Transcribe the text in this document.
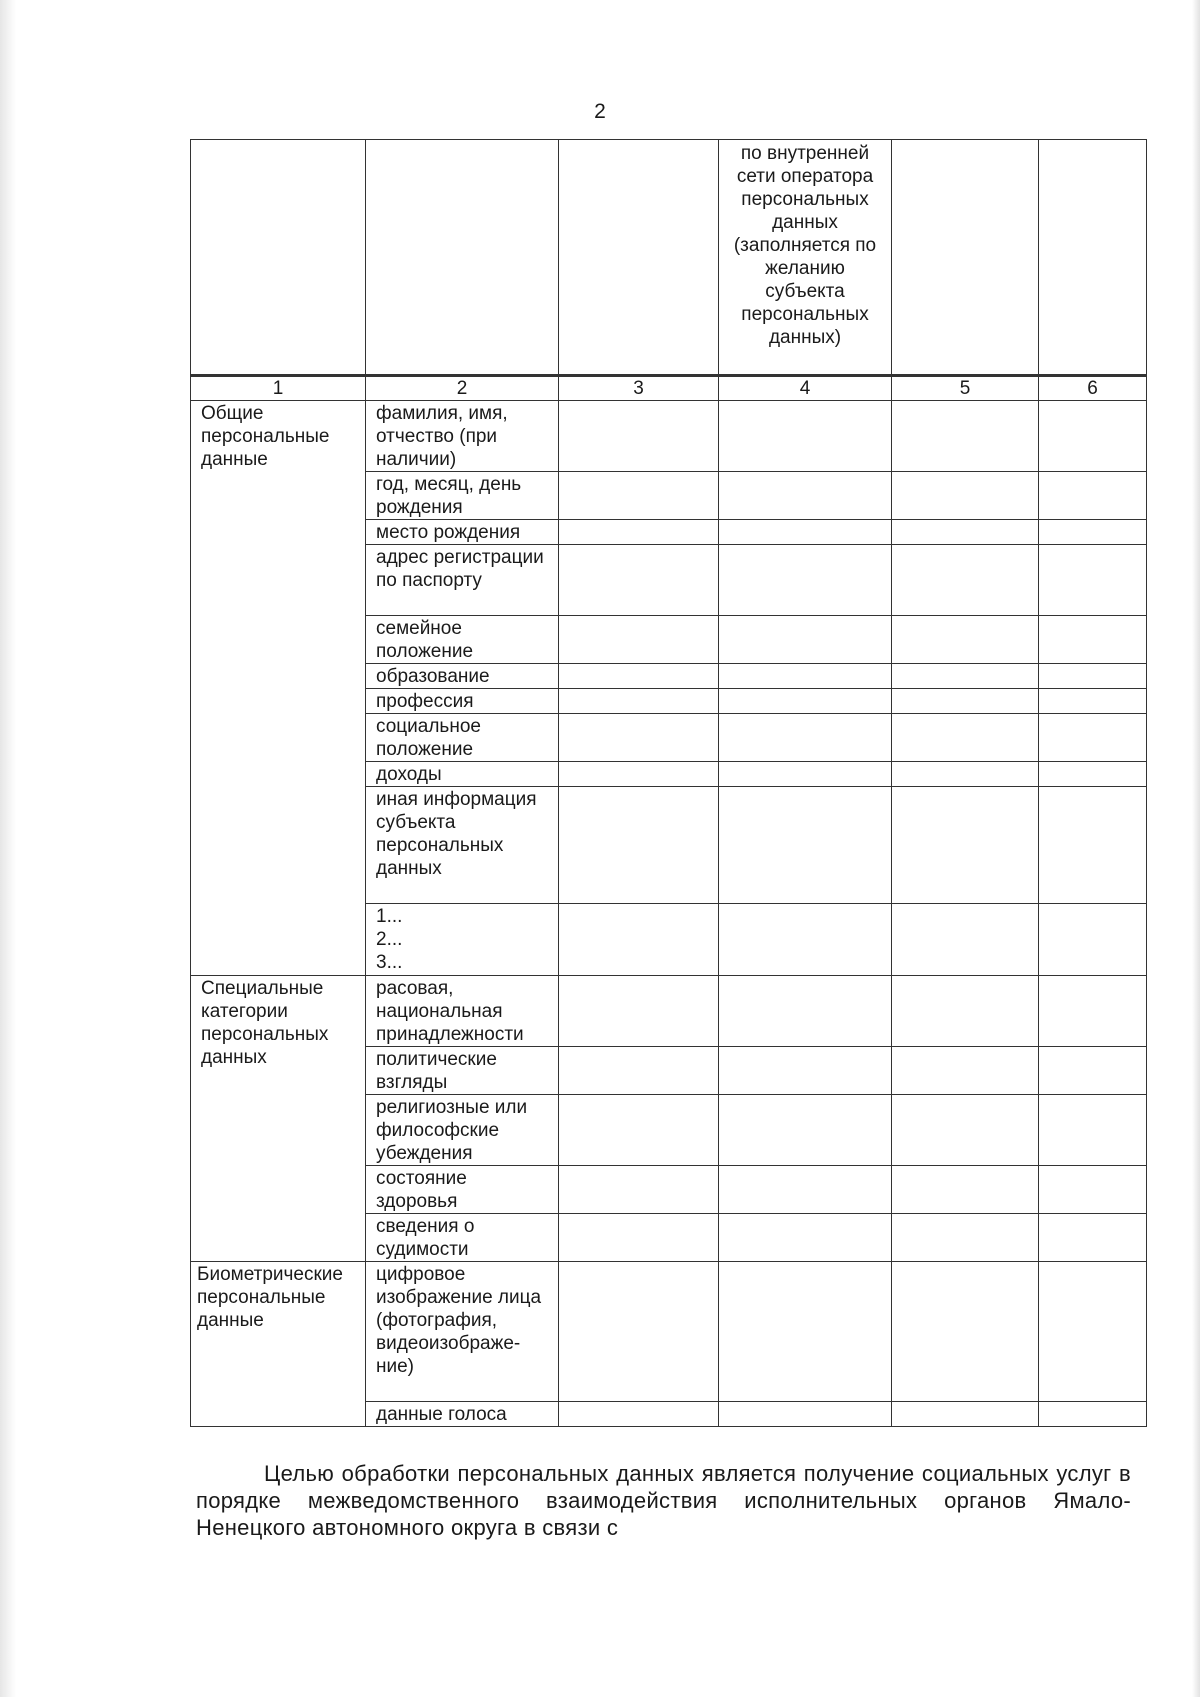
2
			по внутренней сети оператора персональных данных (заполняется по желанию субъекта персональных данных)		
1	2	3	4	5	6
Общие персональные данные	фамилия, имя, отчество (при наличии)				
	год, месяц, день рождения				
	место рождения				
	адрес регистрации по паспорту				
	семейное положение				
	образование				
	профессия				
	социальное положение				
	доходы				
	иная информация субъекта персональных данных				

	1...
2...
3...				

Специальные категории персональных данных	расовая, национальная принадлежности				
	политические взгляды				
	религиозные или философские убеждения				
	состояние здоровья				
	сведения о судимости				
Биометрические персональные данные	цифровое изображение лица (фотография, видеоизображе-ние)				
	данные голоса				
Целью обработки персональных данных является получение социальных услуг в порядке межведомственного взаимодействия исполнительных органов Ямало-Ненецкого автономного округа в связи с
